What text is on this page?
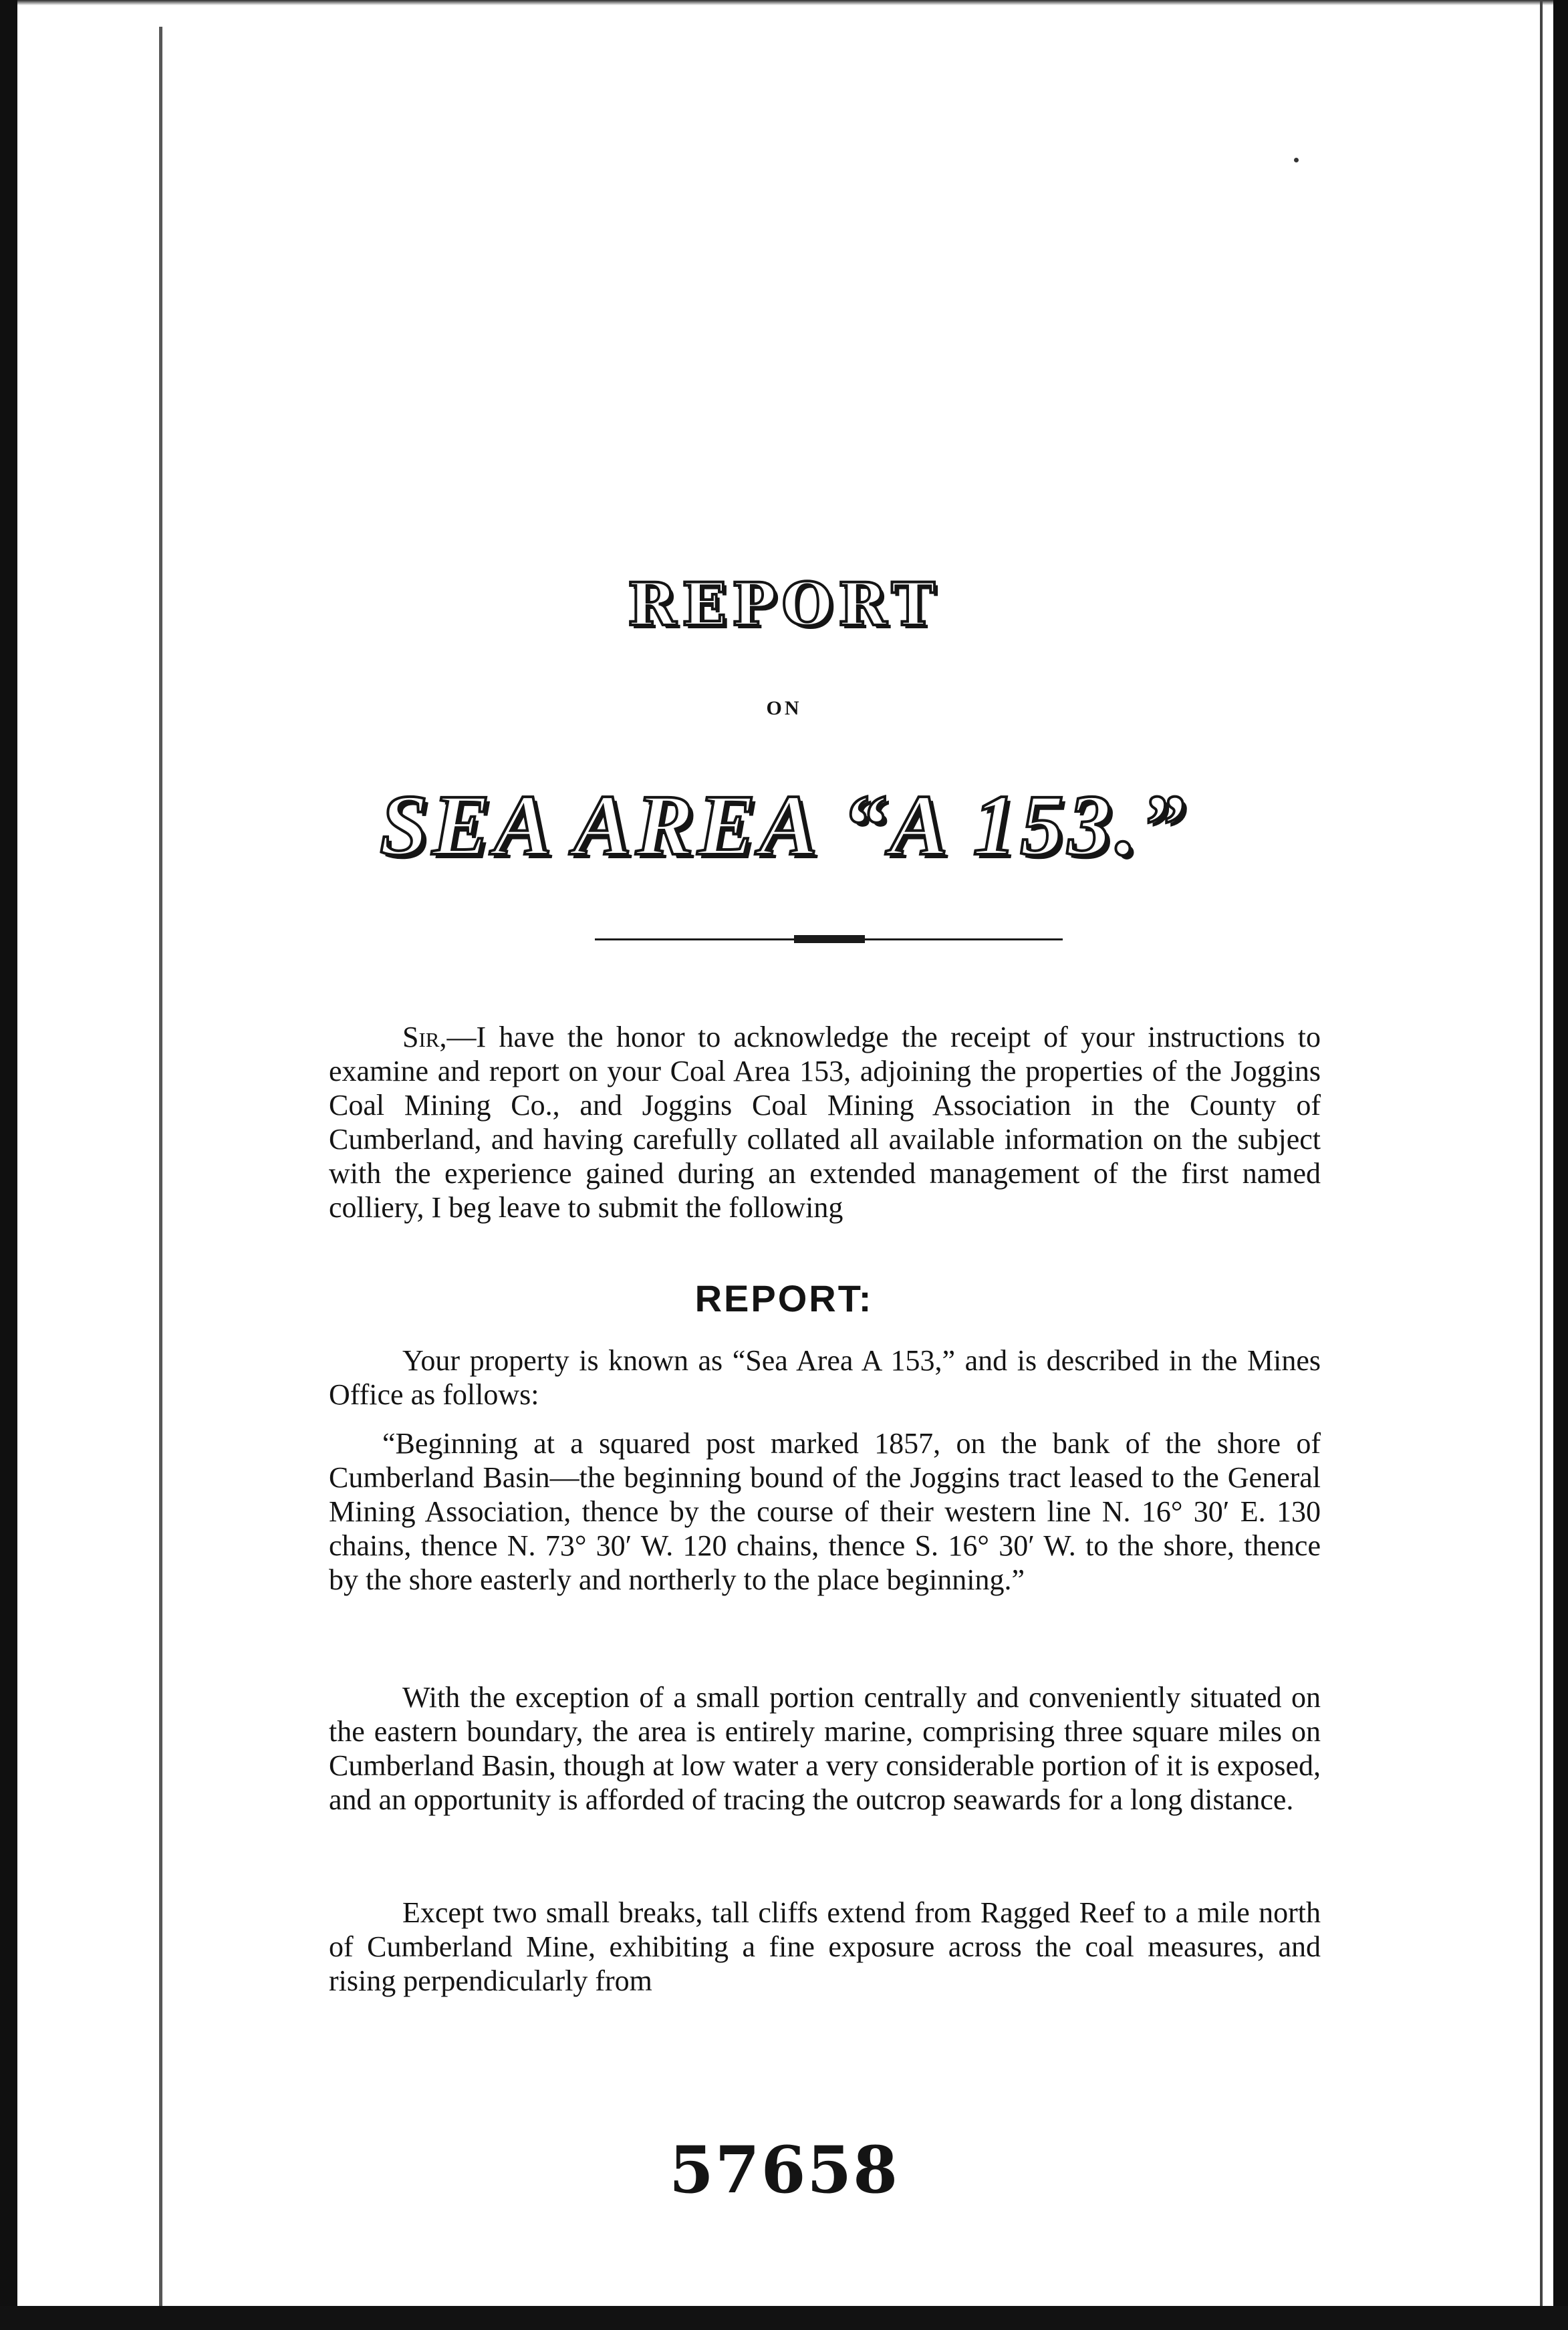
REPORT
ON
SEA AREA “A 153.”
Sir,—I have the honor to acknowledge the receipt of your instructions to examine and report on your Coal Area 153, adjoining the properties of the Joggins Coal Mining Co., and Joggins Coal Mining Association in the County of Cumberland, and having carefully collated all available information on the subject with the experience gained during an extended management of the first named colliery, I beg leave to submit the following
REPORT:
Your property is known as “Sea Area A 153,” and is described in the Mines Office as follows:
“Beginning at a squared post marked 1857, on the bank of the shore of Cumberland Basin—the beginning bound of the Joggins tract leased to the General Mining Association, thence by the course of their western line N. 16° 30′ E. 130 chains, thence N. 73° 30′ W. 120 chains, thence S. 16° 30′ W. to the shore, thence by the shore easterly and northerly to the place beginning.”
With the exception of a small portion centrally and conveniently situated on the eastern boundary, the area is entirely marine, comprising three square miles on Cumberland Basin, though at low water a very considerable portion of it is exposed, and an opportunity is afforded of tracing the outcrop seawards for a long distance.
Except two small breaks, tall cliffs extend from Ragged Reef to a mile north of Cumberland Mine, exhibiting a fine exposure across the coal measures, and rising perpendicularly from
57658
